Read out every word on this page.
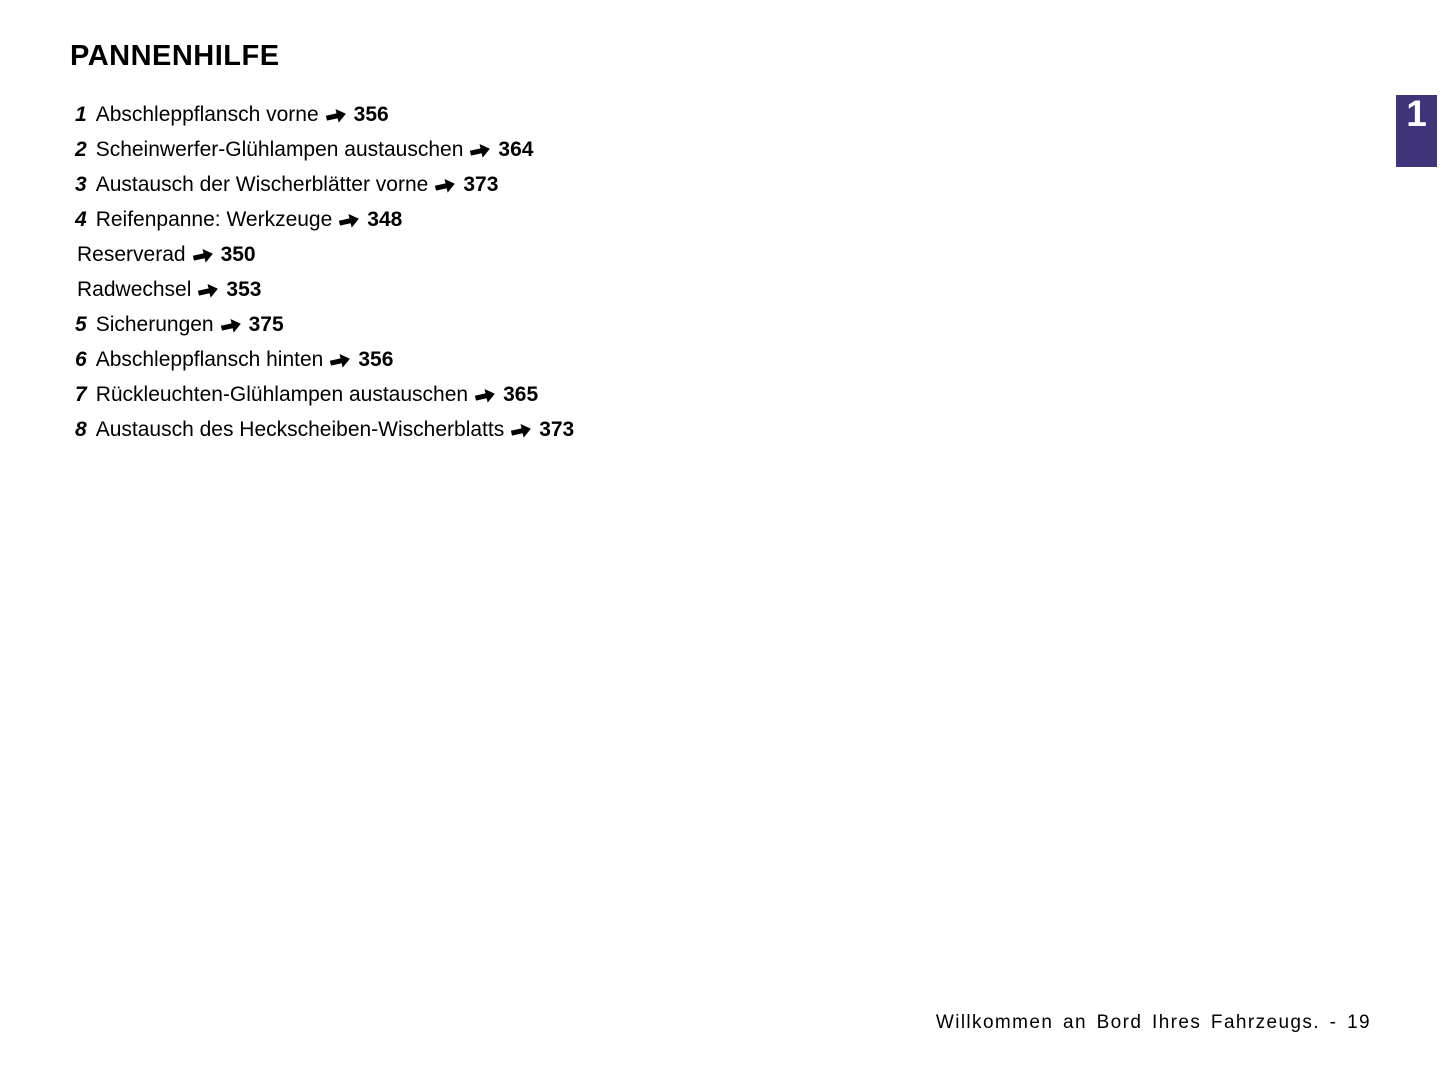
PANNENHILFE
1 Abschleppflansch vorne 356
2 Scheinwerfer-Glühlampen austauschen 364
3 Austausch der Wischerblätter vorne 373
4 Reifenpanne: Werkzeuge 348
Reserverad 350
Radwechsel 353
5 Sicherungen 375
6 Abschleppflansch hinten 356
7 Rückleuchten-Glühlampen austauschen 365
8 Austausch des Heckscheiben-Wischerblatts 373
1
Willkommen an Bord Ihres Fahrzeugs. - 19
